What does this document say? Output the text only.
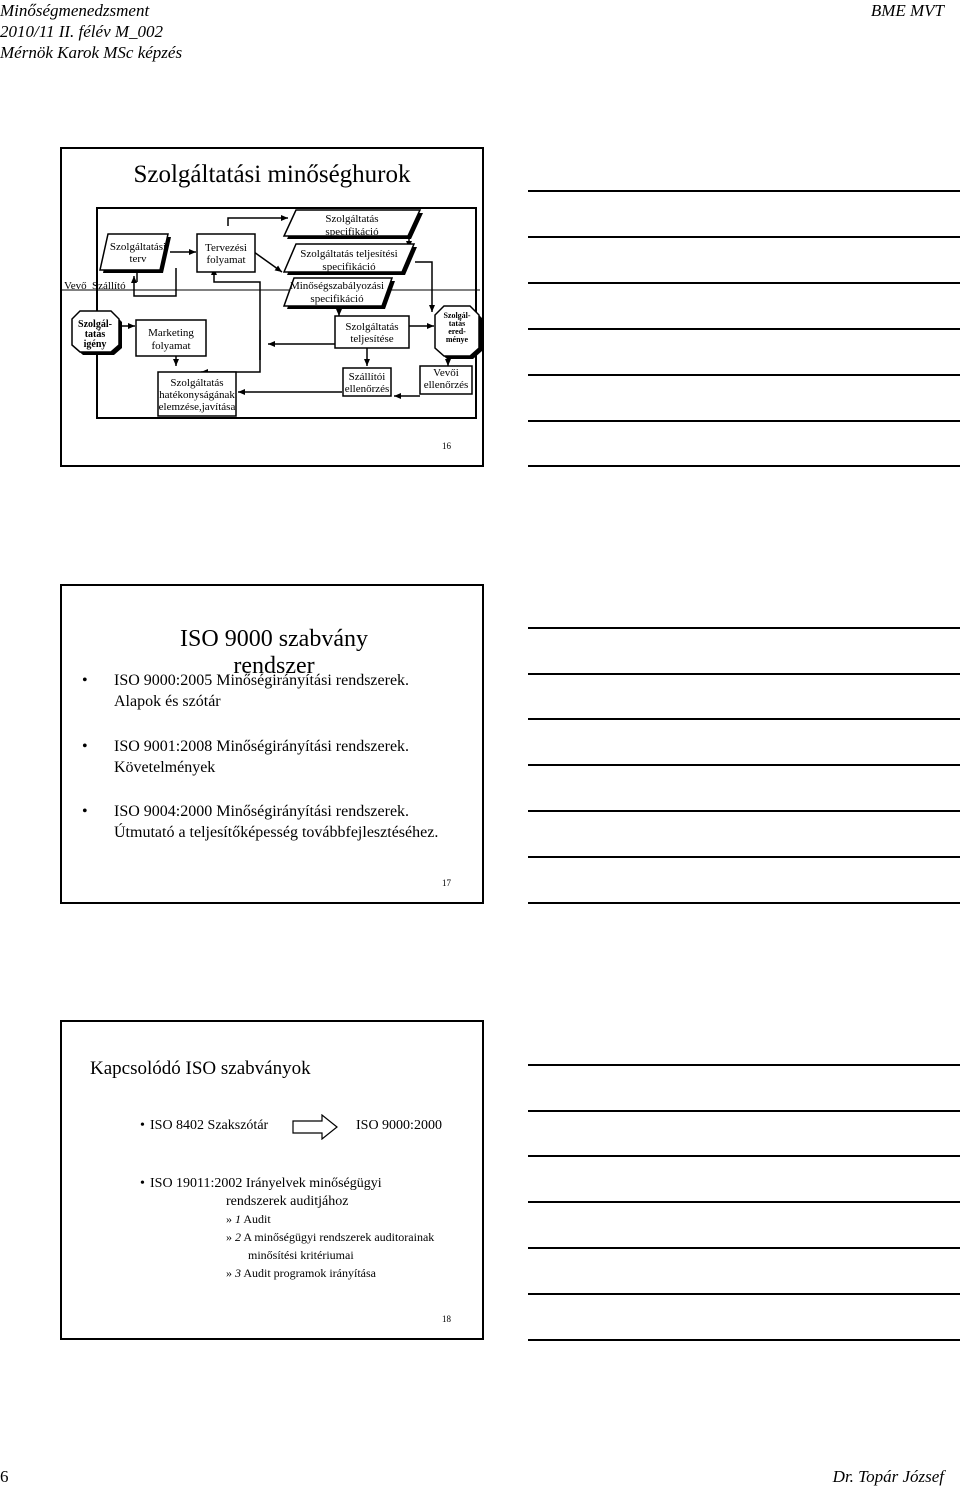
Minőségmenedzsment
2010/11 II. félév M_002
Mérnök Karok MSc képzés
BME MVT
Szolgáltatási minőséghurok
Vevő Szállító
Szolgál-
tatás
igény
Szolgáltatási
terv
Tervezési
folyamat
Szolgáltatás
specifikáció
Szolgáltatás teljesítési
specifikáció
Minőségszabályozási
specifikáció
Marketing
folyamat
Szolgáltatás
teljesítése
Szolgál-
tatás
ered-
ménye
Szolgáltatás
hatékonyságának
elemzése,javítása
Szállítói
ellenőrzés
Vevői
ellenőrzés
16
ISO 9000 szabvány rendszer
• ISO 9000:2005 Minőségirányítási rendszerek.
Alapok és szótár
• ISO 9001:2008 Minőségirányítási rendszerek.
Követelmények
• ISO 9004:2000 Minőségirányítási rendszerek.
Útmutató a teljesítőképesség továbbfejlesztéséhez.
17
Kapcsolódó ISO szabványok
• ISO 8402 Szakszótár	ISO 9000:2000
• ISO 19011:2002 Irányelvek minőségügyi
rendszerek auditjához
» 1 Audit
» 2 A minőségügyi rendszerek auditorainak
minősítési kritériumai
» 3 Audit programok irányítása
18
6	Dr. Topár József
